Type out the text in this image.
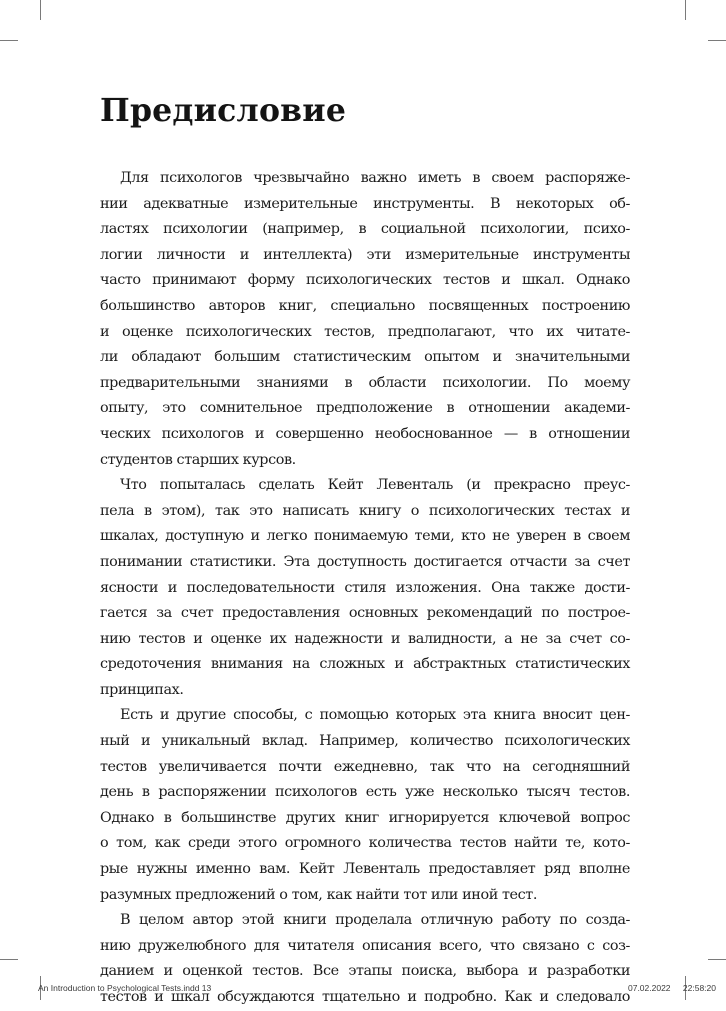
Предисловие
Для психологов чрезвычайно важно иметь в своем распоряже-
нии адекватные измерительные инструменты. В некоторых об-
ластях психологии (например, в социальной психологии, психо-
логии личности и интеллекта) эти измерительные инструменты
часто принимают форму психологических тестов и шкал. Однако
большинство авторов книг, специально посвященных построению
и оценке психологических тестов, предполагают, что их читате-
ли обладают большим статистическим опытом и значительными
предварительными знаниями в области психологии. По моему
опыту, это сомнительное предположение в отношении академи-
ческих психологов и совершенно необоснованное — в отношении
студентов старших курсов.
Что попыталась сделать Кейт Левенталь (и прекрасно преус-
пела в этом), так это написать книгу о психологических тестах и
шкалах, доступную и легко понимаемую теми, кто не уверен в своем
понимании статистики. Эта доступность достигается отчасти за счет
ясности и последовательности стиля изложения. Она также дости-
гается за счет предоставления основных рекомендаций по построе-
нию тестов и оценке их надежности и валидности, а не за счет со-
средоточения внимания на сложных и абстрактных статистических
принципах.
Есть и другие способы, с помощью которых эта книга вносит цен-
ный и уникальный вклад. Например, количество психологических
тестов увеличивается почти ежедневно, так что на сегодняшний
день в распоряжении психологов есть уже несколько тысяч тестов.
Однако в большинстве других книг игнорируется ключевой вопрос
о том, как среди этого огромного количества тестов найти те, кото-
рые нужны именно вам. Кейт Левенталь предоставляет ряд вполне
разумных предложений о том, как найти тот или иной тест.
В целом автор этой книги проделала отличную работу по созда-
нию дружелюбного для читателя описания всего, что связано с соз-
данием и оценкой тестов. Все этапы поиска, выбора и разработки
тестов и шкал обсуждаются тщательно и подробно. Как и следовало
An Introduction to Psychological Tests.indd 13	07.02.2022 22:58:20
